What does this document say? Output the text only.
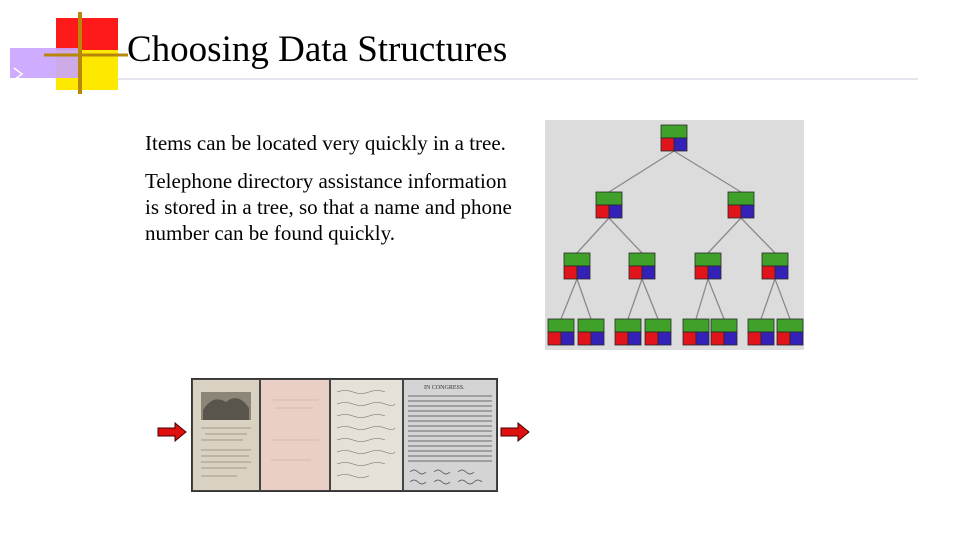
Choosing Data Structures

Items can be located very quickly in a tree.

Telephone directory assistance information is stored in a tree, so that a name and phone number can be found quickly.

IN CONGRESS.
